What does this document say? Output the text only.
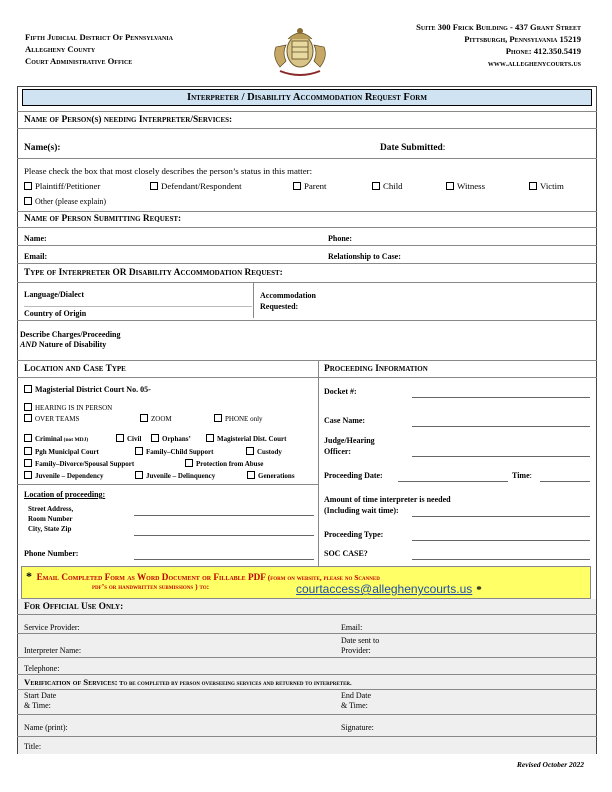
Fifth Judicial District Of Pennsylvania
Allegheny County
Court Administrative Office
Suite 300 Frick Building - 437 Grant Street
Pittsburgh, Pennsylvania 15219
Phone: 412.350.5419
www.alleghenycourts.us
Interpreter / Disability Accommodation Request Form
Name of Person(s) needing Interpreter/Services:
Name(s):	Date Submitted:
Please check the box that most closely describes the person’s status in this matter:
Plaintiff/Petitioner	Defendant/Respondent	Parent	Child	Witness	Victim
Other (please explain)
Name of Person Submitting Request:
Name:	Phone:
Email:	Relationship to Case:
Type of Interpreter OR Disability Accommodation Request:
Language/Dialect	Accommodation
Requested:
Country of Origin
Describe Charges/Proceeding
AND Nature of Disability
Location and Case Type	Proceeding Information
Magisterial District Court No. 05-	Docket #:
HEARING IS IN PERSON
OVER TEAMS	ZOOM	PHONE only	Case Name:
Criminal (not MDJ)	Civil	Orphans’	Magisterial Dist. Court	Judge/Hearing
Officer:
Pgh Municipal Court	Family–Child Support	Custody
Family–Divorce/Spousal Support	Protection from Abuse
Juvenile – Dependency	Juvenile – Delinquency	Generations	Proceeding Date:	Time:
Location of proceeding:
Street Address,
Room Number
City, State Zip
Phone Number:
Amount of time interpreter is needed
(Including wait time):
Proceeding Type:
SOC CASE?
* Email Completed Form as Word Document or Fillable PDF (form on website, please no Scanned
pdf’s or handwritten submissions ) to:	courtaccess@alleghenycourts.us *
For Official Use Only:
Service Provider:	Email:
Date sent to
Provider:
Interpreter Name:
Telephone:
Verification of Services: To be completed by person overseeing services and returned to interpreter.
Start Date
& Time:
End Date
& Time:
Name (print):	Signature:
Title:
Revised October 2022
